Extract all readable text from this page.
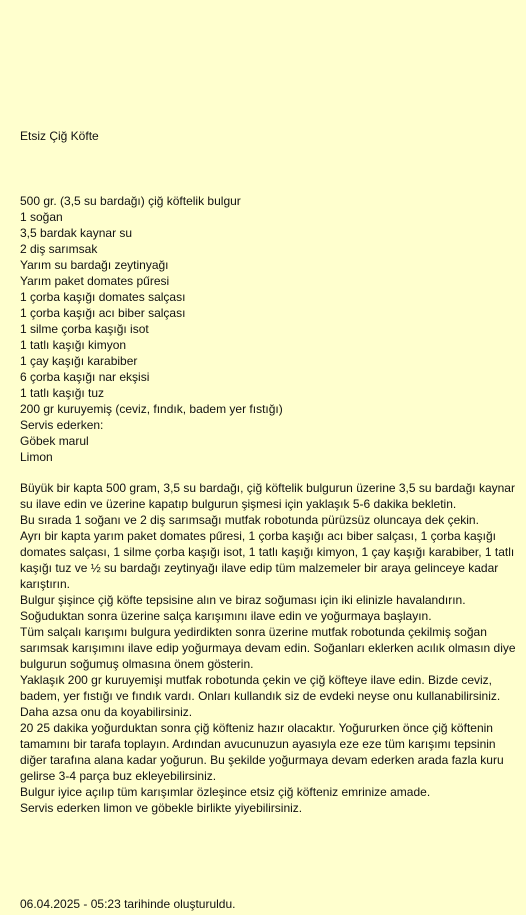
Etsiz Çiğ Köfte
500 gr. (3,5 su bardağı) çiğ köftelik bulgur
1 soğan
3,5 bardak kaynar su
2 diş sarımsak
Yarım su bardağı zeytinyağı
Yarım paket domates pűresi
1 çorba kaşığı domates salçası
1 çorba kaşığı acı biber salçası
1 silme çorba kaşığı isot
1 tatlı kaşığı kimyon
1 çay kaşığı karabiber
6 çorba kaşığı nar ekşisi
1 tatlı kaşığı tuz
200 gr kuruyemiş (ceviz, fındık, badem yer fıstığı)
Servis ederken:
Göbek marul
Limon

Büyük bir kapta 500 gram, 3,5 su bardağı, çiğ köftelik bulgurun üzerine 3,5 su bardağı kaynar su ilave edin ve üzerine kapatıp bulgurun şişmesi için yaklaşık 5-6 dakika bekletin.

Bu sırada 1 soğanı ve 2 diş sarımsağı mutfak robotunda pürüzsüz oluncaya dek çekin.

Ayrı bir kapta yarım paket domates pűresi, 1 çorba kaşığı acı biber salçası, 1 çorba kaşığı domates salçası, 1 silme çorba kaşığı isot, 1 tatlı kaşığı kimyon, 1 çay kaşığı karabiber, 1 tatlı kaşığı tuz ve ½ su bardağı zeytinyağı ilave edip tüm malzemeler bir araya gelinceye kadar karıştırın.

Bulgur şişince çiğ köfte tepsisine alın ve biraz soğuması için iki elinizle havalandırın.

Soğuduktan sonra üzerine salça karışımını ilave edin ve yoğurmaya başlayın.

Tüm salçalı karışımı bulgura yedirdikten sonra üzerine mutfak robotunda çekilmiş soğan sarımsak karışımını ilave edip yoğurmaya devam edin. Soğanları eklerken acılık olmasın diye bulgurun soğumuş olmasına önem gösterin.

Yaklaşık 200 gr kuruyemişi mutfak robotunda çekin ve çiğ köfteye ilave edin. Bizde ceviz, badem, yer fıstığı ve fındık vardı. Onları kullandık siz de evdeki neyse onu kullanabilirsiniz. Daha azsa onu da koyabilirsiniz.

20 25 dakika yoğurduktan sonra çiğ köfteniz hazır olacaktır. Yoğururken önce çiğ köftenin tamamını bir tarafa toplayın. Ardından avucunuzun ayasıyla eze eze tüm karışımı tepsinin diğer tarafına alana kadar yoğurun. Bu şekilde yoğurmaya devam ederken arada fazla kuru gelirse 3-4 parça buz ekleyebilirsiniz.

Bulgur iyice açılıp tüm karışımlar özleşince etsiz çiğ köfteniz emrinize amade.

Servis ederken limon ve göbekle birlikte yiyebilirsiniz.

06.04.2025 - 05:23 tarihinde oluşturuldu.
